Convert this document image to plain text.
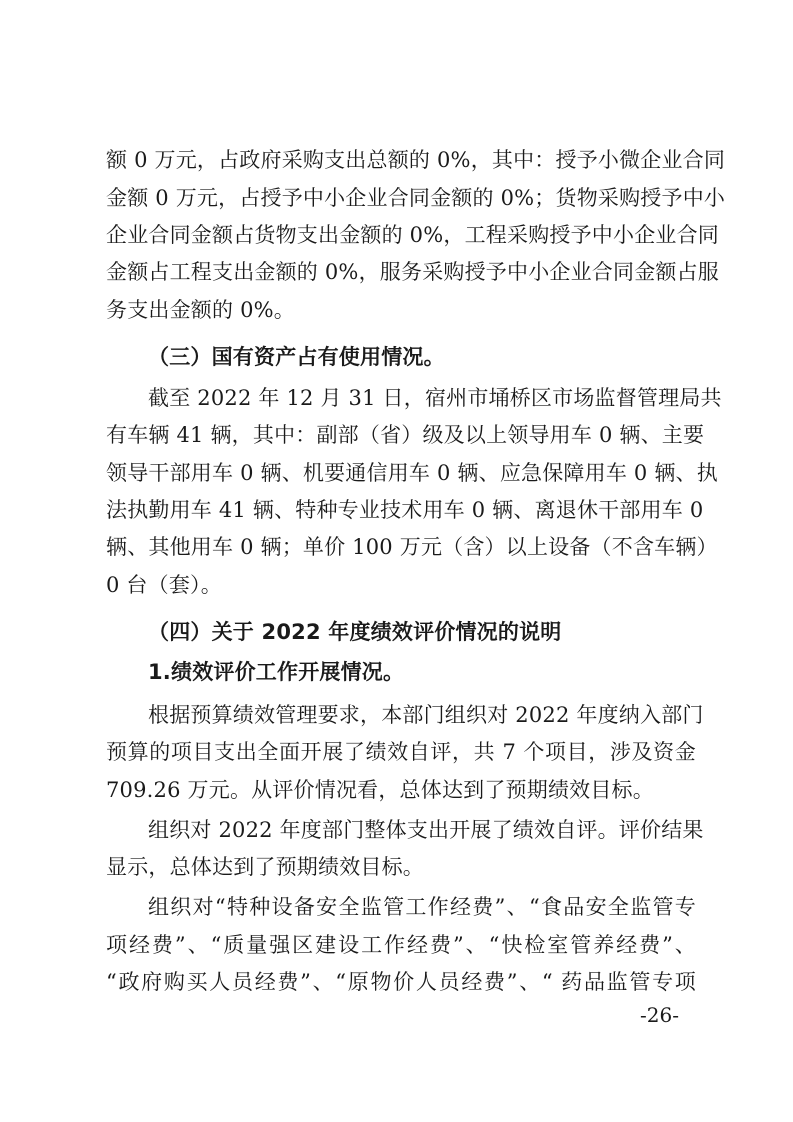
额 0 万元，占政府采购支出总额的 0%，其中：授予小微企业合同
金额 0 万元，占授予中小企业合同金额的 0%；货物采购授予中小
企业合同金额占货物支出金额的 0%，工程采购授予中小企业合同
金额占工程支出金额的 0%，服务采购授予中小企业合同金额占服
务支出金额的 0%。
（三）国有资产占有使用情况。
截至 2022 年 12 月 31 日，宿州市埇桥区市场监督管理局共
有车辆 41 辆，其中：副部（省）级及以上领导用车 0 辆、主要
领导干部用车 0 辆、机要通信用车 0 辆、应急保障用车 0 辆、执
法执勤用车 41 辆、特种专业技术用车 0 辆、离退休干部用车 0
辆、其他用车 0 辆；单价 100 万元（含）以上设备（不含车辆）
0 台（套）。
（四）关于 2022 年度绩效评价情况的说明
1.绩效评价工作开展情况。
根据预算绩效管理要求，本部门组织对 2022 年度纳入部门
预算的项目支出全面开展了绩效自评，共 7 个项目，涉及资金
709.26 万元。从评价情况看，总体达到了预期绩效目标。
组织对 2022 年度部门整体支出开展了绩效自评。评价结果
显示，总体达到了预期绩效目标。
组织对“特种设备安全监管工作经费”、“食品安全监管专
项经费”、“质量强区建设工作经费”、“快检室管养经费”、
“政府购买人员经费”、“原物价人员经费”、“ 药品监管专项
-26-
